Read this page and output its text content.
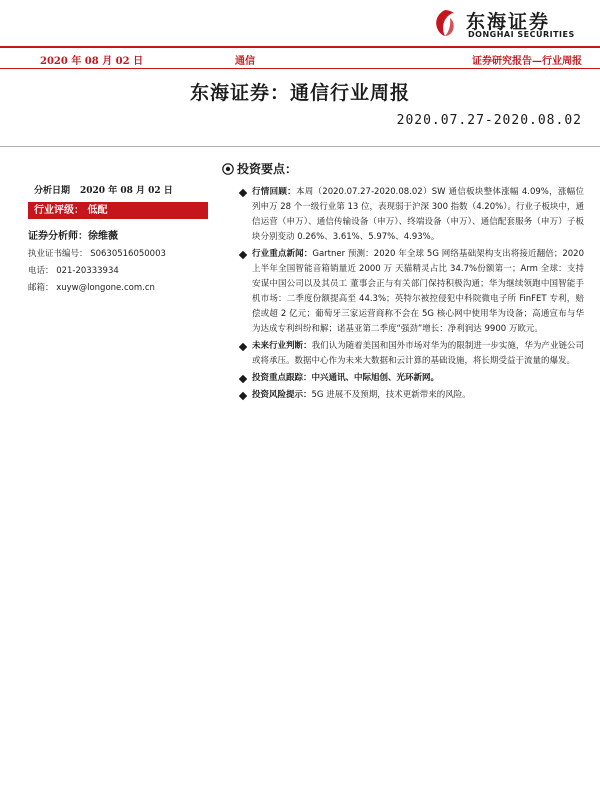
东海证券
DONGHAI SECURITIES
2020 年 08 月 02 日	通信	证券研究报告—行业周报
东海证券：通信行业周报
2020.07.27-2020.08.02
分析日期 2020 年 08 月 02 日
行业评级： 低配
证券分析师：徐维薇
执业证书编号： S0630516050003
电话： 021-20333934
邮箱： xuyw@longone.com.cn
投资要点：
行情回顾：本周（2020.07.27-2020.08.02）SW 通信板块整体涨幅 4.09%，涨幅位列申万 28 个一级行业第 13 位，表现弱于沪深 300 指数（4.20%）。行业子板块中，通信运营（申万）、通信传输设备（申万）、终端设备（申万）、通信配套服务（申万）子板块分别变动 0.26%、3.61%、5.97%、4.93%。
行业重点新闻：Gartner 预测：2020 年全球 5G 网络基础架构支出将接近翻倍；2020 上半年全国智能音箱销量近 2000 万 天猫精灵占比 34.7%份额第一；Arm 全球：支持安谋中国公司以及其员工 董事会正与有关部门保持积极沟通；华为继续领跑中国智能手机市场：二季度份额提高至 44.3%；英特尔被控侵犯中科院微电子所 FinFET 专利，赔偿或超 2 亿元；葡萄牙三家运营商称不会在 5G 核心网中使用华为设备；高通宣布与华为达成专利纠纷和解；诺基亚第二季度“强劲”增长：净利润达 9900 万欧元。
未来行业判断：我们认为随着美国和国外市场对华为的限制进一步实施，华为产业链公司或将承压。数据中心作为未来大数据和云计算的基础设施，将长期受益于流量的爆发。
投资重点跟踪：中兴通讯、中际旭创、光环新网。
投资风险提示：5G 进展不及预期，技术更新带来的风险。
